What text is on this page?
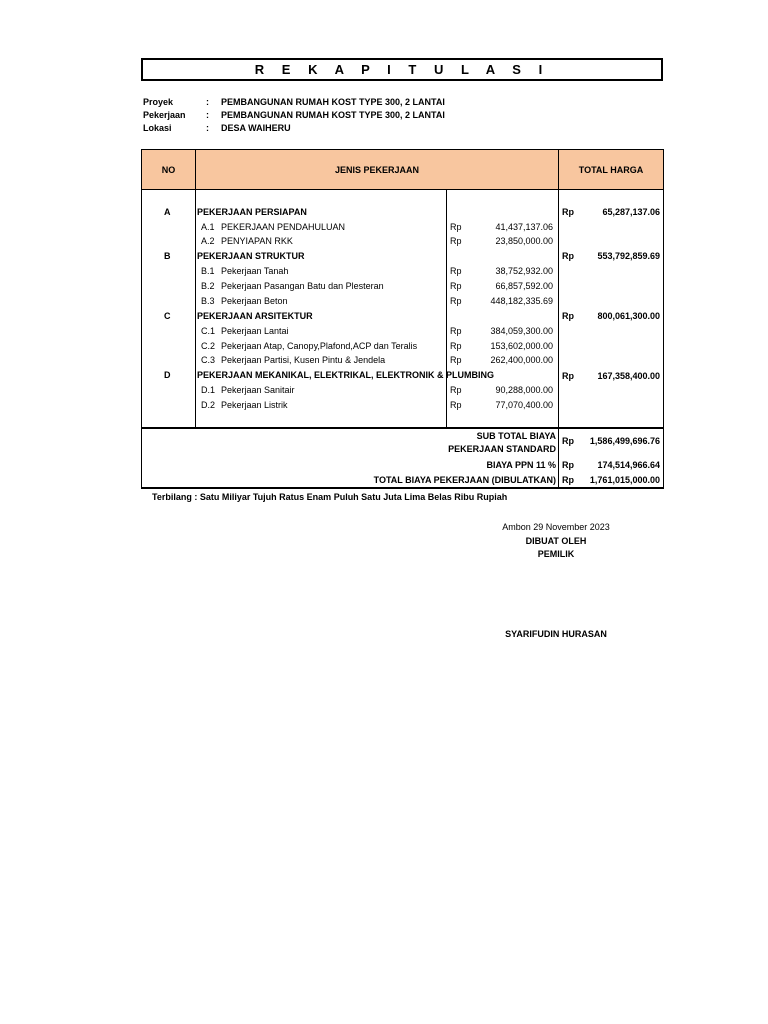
R E K A P I T U L A S I
Proyek	: PEMBANGUNAN RUMAH KOST TYPE 300, 2 LANTAI
Pekerjaan : PEMBANGUNAN RUMAH KOST TYPE 300, 2 LANTAI
Lokasi	: DESA WAIHERU
NO	JENIS PEKERJAAN	TOTAL HARGA
A	PEKERJAAN PERSIAPAN	Rp	65,287,137.06
A.1 PEKERJAAN PENDAHULUAN	Rp	41,437,137.06
A.2 PENYIAPAN RKK	Rp	23,850,000.00
B	PEKERJAAN STRUKTUR	Rp	553,792,859.69
B.1 Pekerjaan Tanah	Rp	38,752,932.00
B.2 Pekerjaan Pasangan Batu dan Plesteran	Rp	66,857,592.00
B.3 Pekerjaan Beton	Rp	448,182,335.69
C	PEKERJAAN ARSITEKTUR	Rp	800,061,300.00
C.1 Pekerjaan Lantai	Rp	384,059,300.00
C.2 Pekerjaan Atap, Canopy,Plafond,ACP dan Teralis	Rp	153,602,000.00
C.3 Pekerjaan Partisi, Kusen Pintu & Jendela	Rp	262,400,000.00
D	PEKERJAAN MEKANIKAL, ELEKTRIKAL, ELEKTRONIK & PLUMBING	Rp	167,358,400.00
D.1 Pekerjaan Sanitair	Rp	90,288,000.00
D.2 Pekerjaan Listrik	Rp	77,070,400.00
SUB TOTAL BIAYA
PEKERJAAN STANDARD
Rp	1,586,499,696.76
BIAYA PPN 11 % Rp	174,514,966.64
TOTAL BIAYA PEKERJAAN (DIBULATKAN) Rp	1,761,015,000.00
Terbilang : Satu Miliyar Tujuh Ratus Enam Puluh Satu Juta Lima Belas Ribu Rupiah
Ambon 29 November 2023
DIBUAT OLEH
PEMILIK
SYARIFUDIN HURASAN
